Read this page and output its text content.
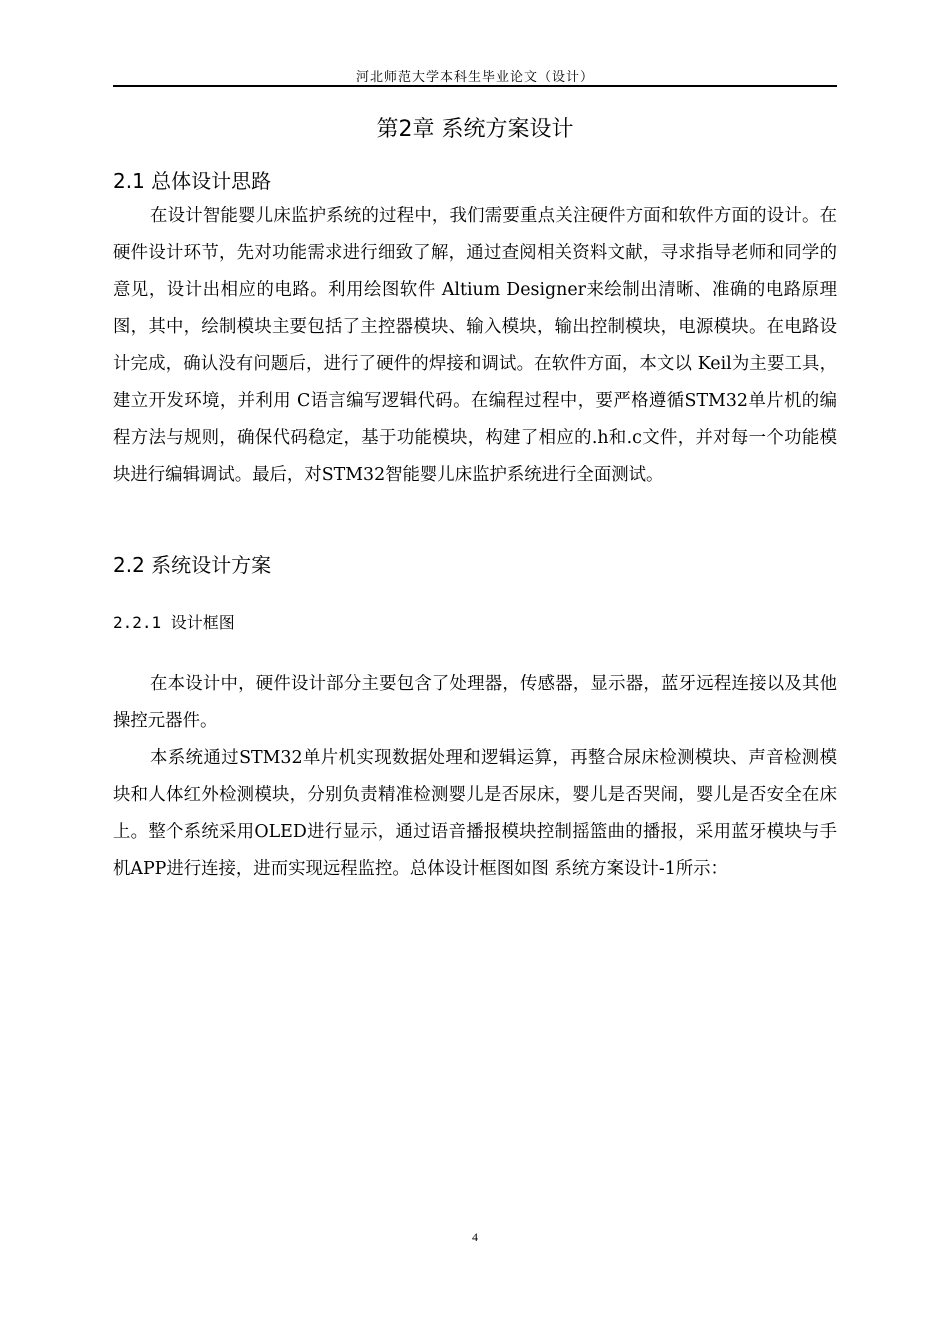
河北师范大学本科生毕业论文（设计）
第2章 系统方案设计
2.1 总体设计思路

在设计智能婴儿床监护系统的过程中，我们需要重点关注硬件方面和软件方面的设计。在硬件设计环节，先对功能需求进行细致了解，通过查阅相关资料文献，寻求指导老师和同学的意见，设计出相应的电路。利用绘图软件 Altium Designer来绘制出清晰、准确的电路原理图，其中，绘制模块主要包括了主控器模块、输入模块，输出控制模块，电源模块。在电路设计完成，确认没有问题后，进行了硬件的焊接和调试。在软件方面，本文以 Keil为主要工具，建立开发环境，并利用 C语言编写逻辑代码。在编程过程中，要严格遵循STM32单片机的编程方法与规则，确保代码稳定，基于功能模块，构建了相应的.h和.c文件，并对每一个功能模块进行编辑调试。最后，对STM32智能婴儿床监护系统进行全面测试。

2.2 系统设计方案
2.2.1 设计框图

在本设计中，硬件设计部分主要包含了处理器，传感器，显示器，蓝牙远程连接以及其他操控元器件。

本系统通过STM32单片机实现数据处理和逻辑运算，再整合尿床检测模块、声音检测模块和人体红外检测模块，分别负责精准检测婴儿是否尿床，婴儿是否哭闹，婴儿是否安全在床上。整个系统采用OLED进行显示，通过语音播报模块控制摇篮曲的播报，采用蓝牙模块与手机APP进行连接，进而实现远程监控。总体设计框图如图 系统方案设计-1所示：

4
